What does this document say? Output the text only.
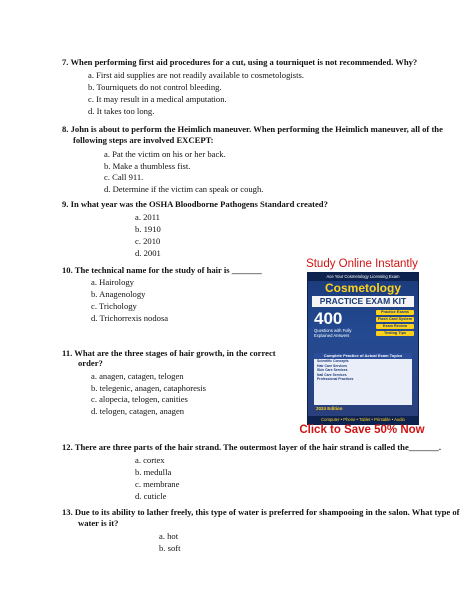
7. When performing first aid procedures for a cut, using a tourniquet is not recommended. Why?
a. First aid supplies are not readily available to cosmetologists.
b. Tourniquets do not control bleeding.
c. It may result in a medical amputation.
d. It takes too long.
8. John is about to perform the Heimlich maneuver. When performing the Heimlich maneuver, all of the
following steps are involved EXCEPT:
a. Pat the victim on his or her back.
b. Make a thumbless fist.
c. Call 911.
d. Determine if the victim can speak or cough.
9. In what year was the OSHA Bloodborne Pathogens Standard created?
a. 2011
b. 1910
c. 2010
d. 2001
10. The technical name for the study of hair is _______
a. Hairology
b. Anagenology
c. Trichology
d. Trichorrexis nodosa
11. What are the three stages of hair growth, in the correct
order?
a. anagen, catagen, telogen
b. telegenic, anagen, cataphoresis
c. alopecia, telogen, canities
d. telogen, catagen, anagen
Study Online Instantly
Ace Your Cosmetology Licensing Exam
Cosmetology
PRACTICE EXAM KIT
400
Questions with Fully Explained Answers
Practice Exams
Flash Card System
Exam Review
Testing Tips
Complete Practice of Actual Exam Topics
Scientific Concepts
Hair Care Services
Skin Care Services
Nail Care Services
Professional Practices
2024 Edition
Computer • Phone • Tablet • Printable • Audio
Click to Save 50% Now
12. There are three parts of the hair strand. The outermost layer of the hair strand is called the_______.
a. cortex
b. medulla
c. membrane
d. cuticle
13. Due to its ability to lather freely, this type of water is preferred for shampooing in the salon. What type of
water is it?
a. hot
b. soft
